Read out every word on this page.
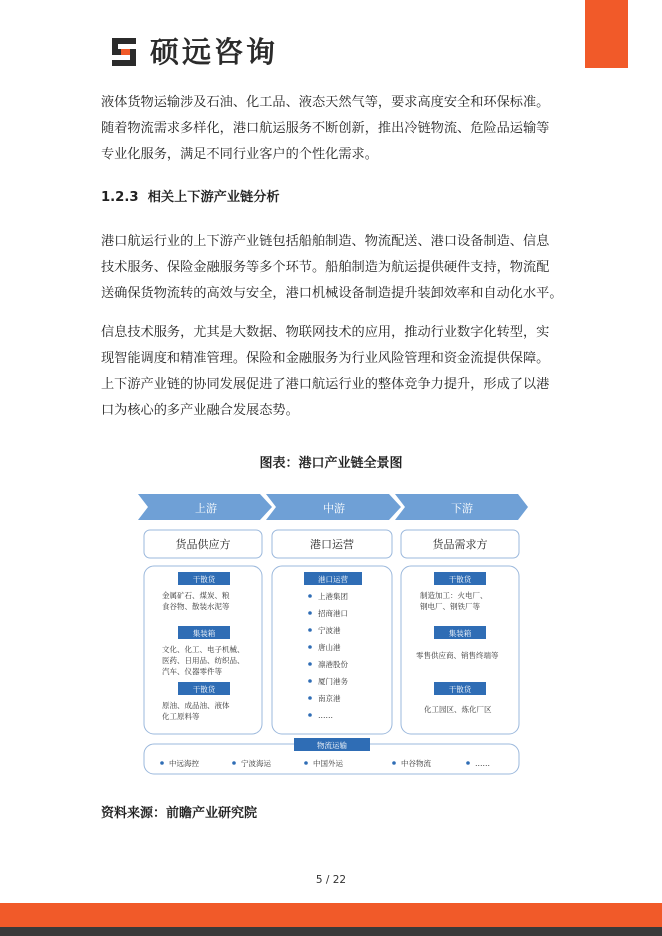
硕远咨询
液体货物运输涉及石油、化工品、液态天然气等，要求高度安全和环保标准。
随着物流需求多样化，港口航运服务不断创新，推出冷链物流、危险品运输等
专业化服务，满足不同行业客户的个性化需求。
1.2.3 相关上下游产业链分析
港口航运行业的上下游产业链包括船舶制造、物流配送、港口设备制造、信息
技术服务、保险金融服务等多个环节。船舶制造为航运提供硬件支持，物流配
送确保货物流转的高效与安全，港口机械设备制造提升装卸效率和自动化水平。
信息技术服务，尤其是大数据、物联网技术的应用，推动行业数字化转型，实
现智能调度和精准管理。保险和金融服务为行业风险管理和资金流提供保障。
上下游产业链的协同发展促进了港口航运行业的整体竞争力提升，形成了以港
口为核心的多产业融合发展态势。
图表：港口产业链全景图
上游	中游	下游
货品供应方	港口运营	货品需求方
干散货
金属矿石、煤炭、粮
食谷物、散装水泥等
集装箱
文化、化工、电子机械、
医药、日用品、纺织品、
汽车、仪器零件等
干散货
原油、成品油、液体
化工原料等
港口运营
上港集团
招商港口
宁波港
唐山港
凛港股份
厦门港务
南京港
……
干散货
制造加工：火电厂、
钢电厂、钢铁厂等
集装箱
零售供应商、销售终端等
干散货
化工园区、炼化厂区
物流运输
中远海控	宁波海运	中国外运	中谷物流	……
资料来源：前瞻产业研究院
5 / 22
